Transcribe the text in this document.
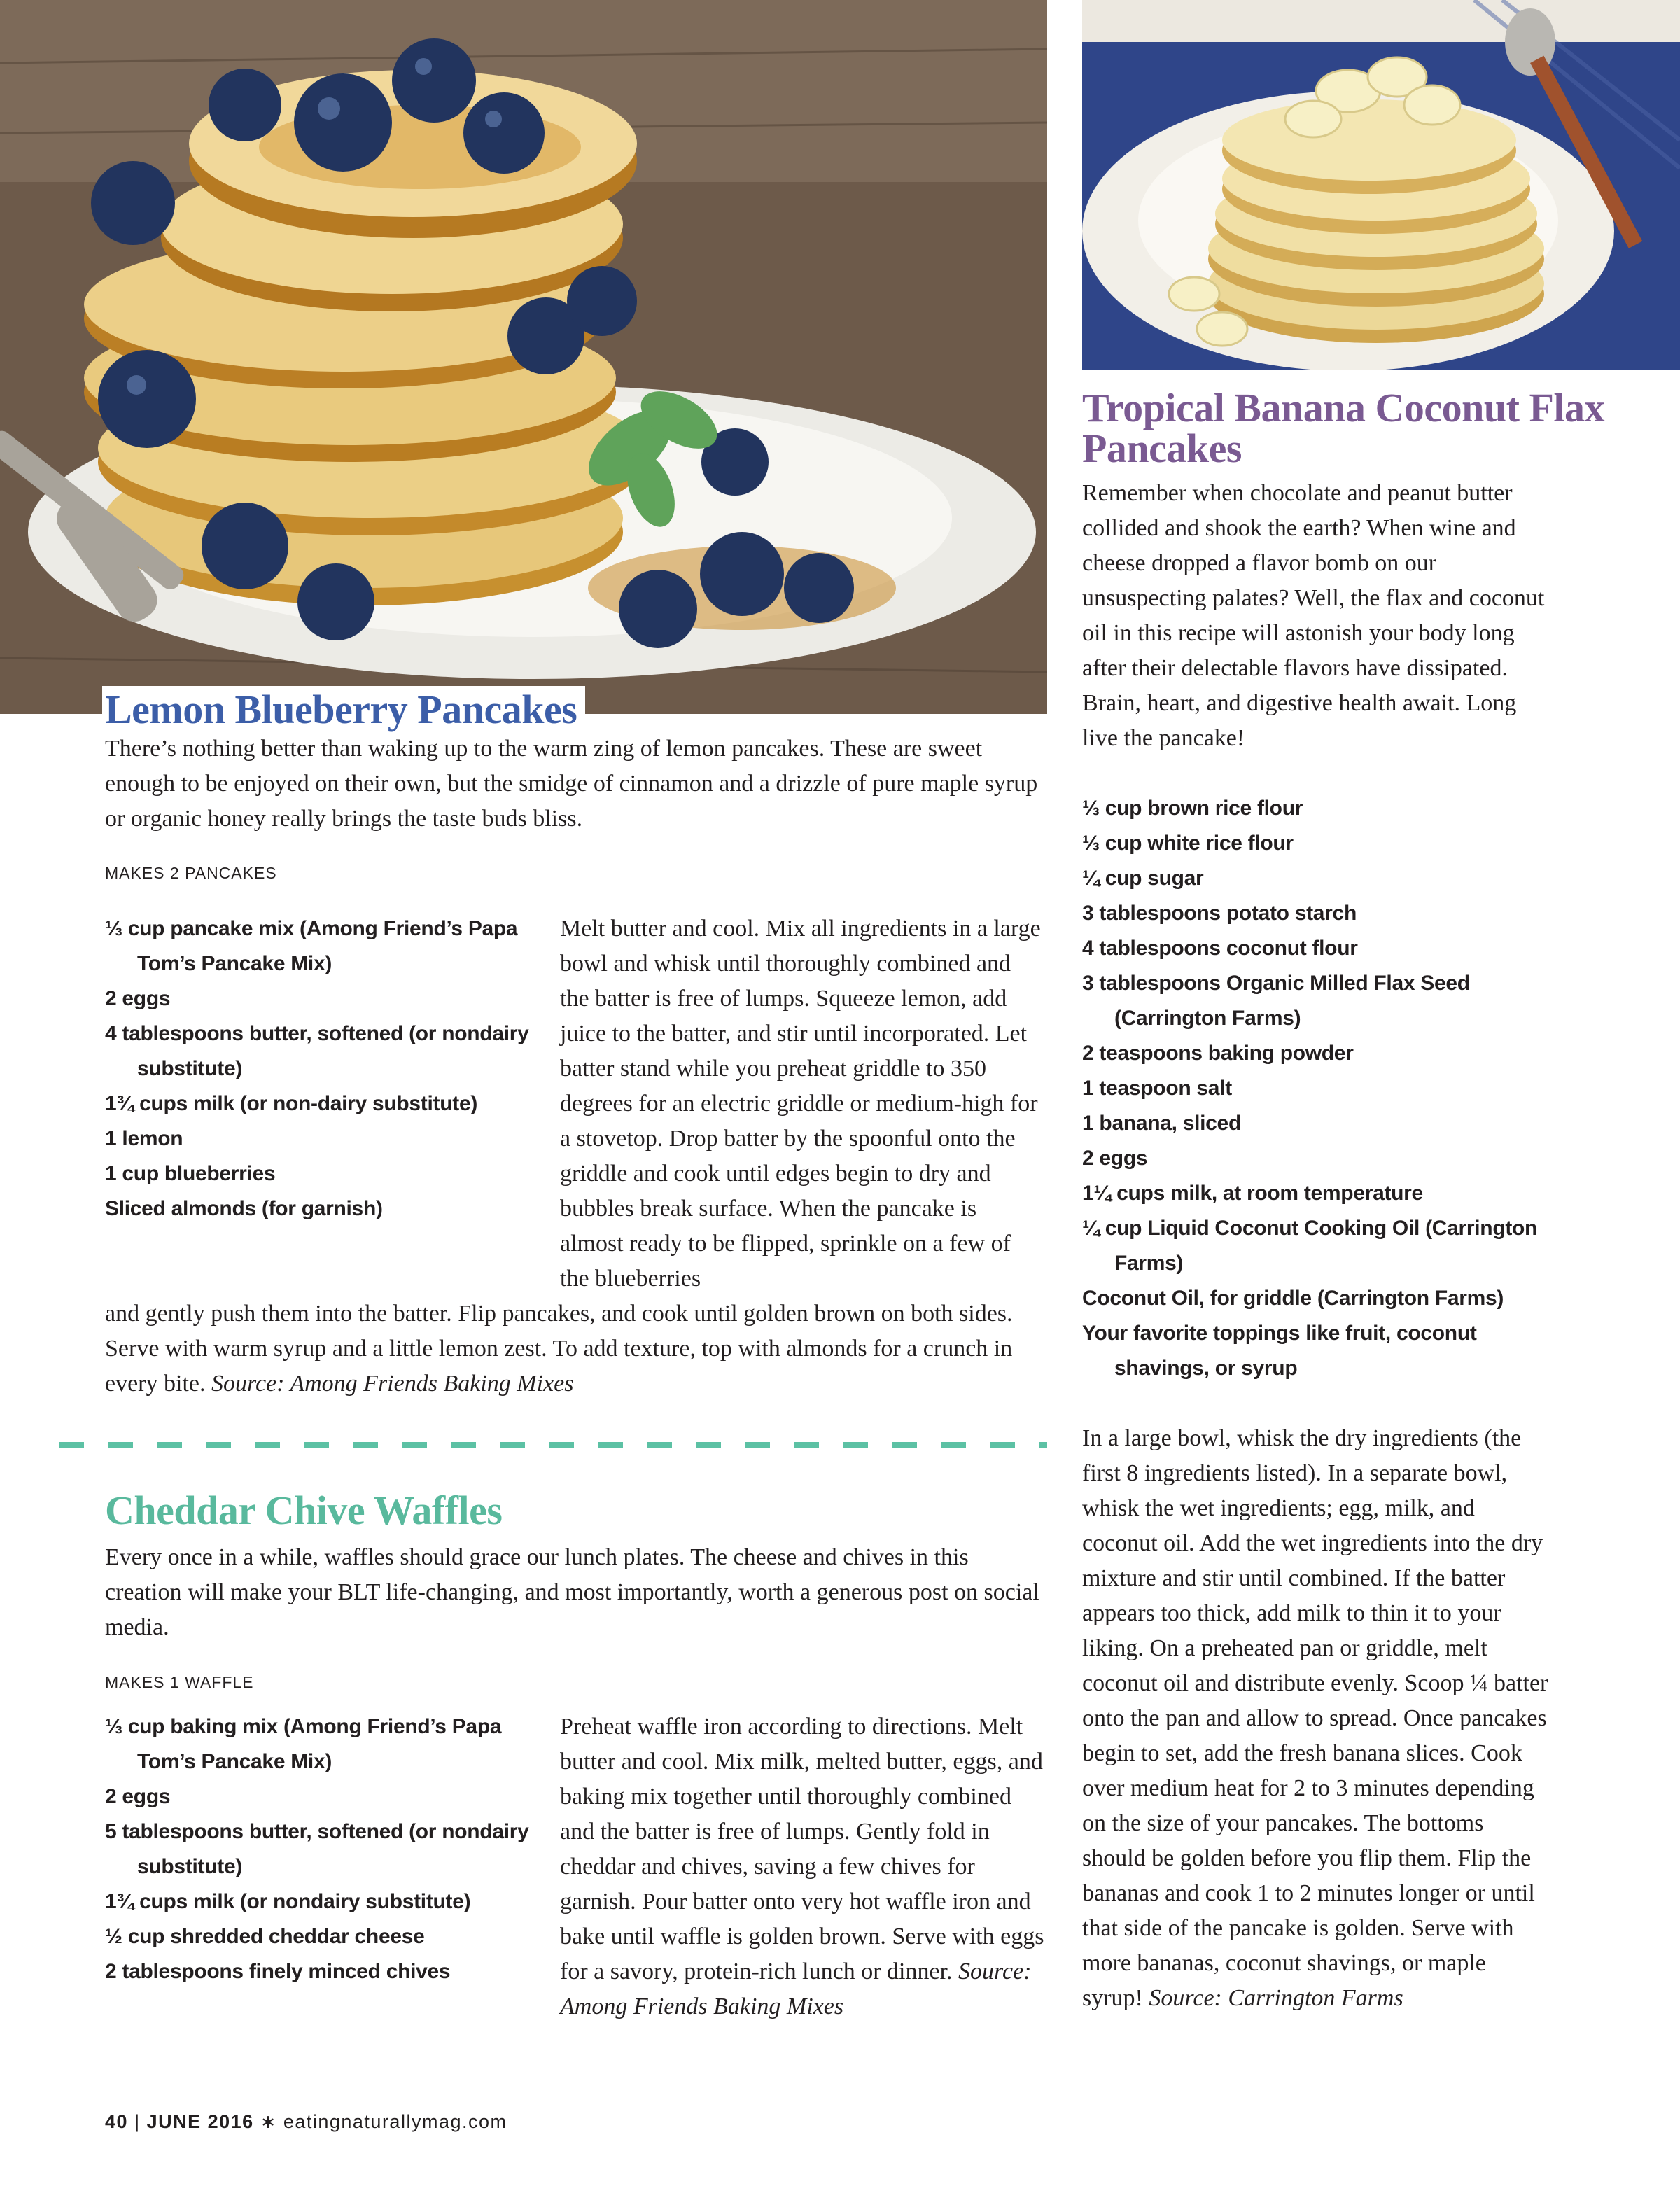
Lemon Blueberry Pancakes
There’s nothing better than waking up to the warm zing of lemon pancakes. These are sweet enough to be enjoyed on their own, but the smidge of cinnamon and a drizzle of pure maple syrup or organic honey really brings the taste buds bliss.
MAKES 2 PANCAKES
⅓ cup pancake mix (Among Friend’s Papa Tom’s Pancake Mix)
2 eggs
4 tablespoons butter, softened (or nondairy substitute)
1¾ cups milk (or non-dairy substitute)
1 lemon
1 cup blueberries
Sliced almonds (for garnish)
Melt butter and cool. Mix all ingredients in a large bowl and whisk until thoroughly combined and the batter is free of lumps. Squeeze lemon, add juice to the batter, and stir until incorporated. Let batter stand while you preheat griddle to 350 degrees for an electric griddle or medium-high for a stovetop. Drop batter by the spoonful onto the griddle and cook until edges begin to dry and bubbles break surface. When the pancake is almost ready to be flipped, sprinkle on a few of the blueberries
and gently push them into the batter. Flip pancakes, and cook until golden brown on both sides. Serve with warm syrup and a little lemon zest. To add texture, top with almonds for a crunch in every bite. Source: Among Friends Baking Mixes
Cheddar Chive Waffles
Every once in a while, waffles should grace our lunch plates. The cheese and chives in this creation will make your BLT life-changing, and most importantly, worth a generous post on social media.
MAKES 1 WAFFLE
⅓ cup baking mix (Among Friend’s Papa Tom’s Pancake Mix)
2 eggs
5 tablespoons butter, softened (or nondairy substitute)
1¾ cups milk (or nondairy substitute)
½ cup shredded cheddar cheese
2 tablespoons finely minced chives
Preheat waffle iron according to directions. Melt butter and cool. Mix milk, melted butter, eggs, and baking mix together until thoroughly combined and the batter is free of lumps. Gently fold in cheddar and chives, saving a few chives for garnish. Pour batter onto very hot waffle iron and bake until waffle is golden brown. Serve with eggs for a savory, protein-rich lunch or dinner. Source: Among Friends Baking Mixes
Tropical Banana Coconut Flax Pancakes
Remember when chocolate and peanut butter collided and shook the earth? When wine and cheese dropped a flavor bomb on our unsuspecting palates? Well, the flax and coconut oil in this recipe will astonish your body long after their delectable flavors have dissipated. Brain, heart, and digestive health await. Long live the pancake!
⅓ cup brown rice flour
⅓ cup white rice flour
¼ cup sugar
3 tablespoons potato starch
4 tablespoons coconut flour
3 tablespoons Organic Milled Flax Seed (Carrington Farms)
2 teaspoons baking powder
1 teaspoon salt
1 banana, sliced
2 eggs
1¼ cups milk, at room temperature
¼ cup Liquid Coconut Cooking Oil (Carrington Farms)
Coconut Oil, for griddle (Carrington Farms)
Your favorite toppings like fruit, coconut shavings, or syrup
In a large bowl, whisk the dry ingredients (the first 8 ingredients listed). In a separate bowl, whisk the wet ingredients; egg, milk, and coconut oil. Add the wet ingredients into the dry mixture and stir until combined. If the batter appears too thick, add milk to thin it to your liking. On a preheated pan or griddle, melt coconut oil and distribute evenly. Scoop ¼ batter onto the pan and allow to spread. Once pancakes begin to set, add the fresh banana slices. Cook over medium heat for 2 to 3 minutes depending on the size of your pancakes. The bottoms should be golden before you flip them. Flip the bananas and cook 1 to 2 minutes longer or until that side of the pancake is golden. Serve with more bananas, coconut shavings, or maple syrup! Source: Carrington Farms
40 | JUNE 2016 ∗ eatingnaturallymag.com
